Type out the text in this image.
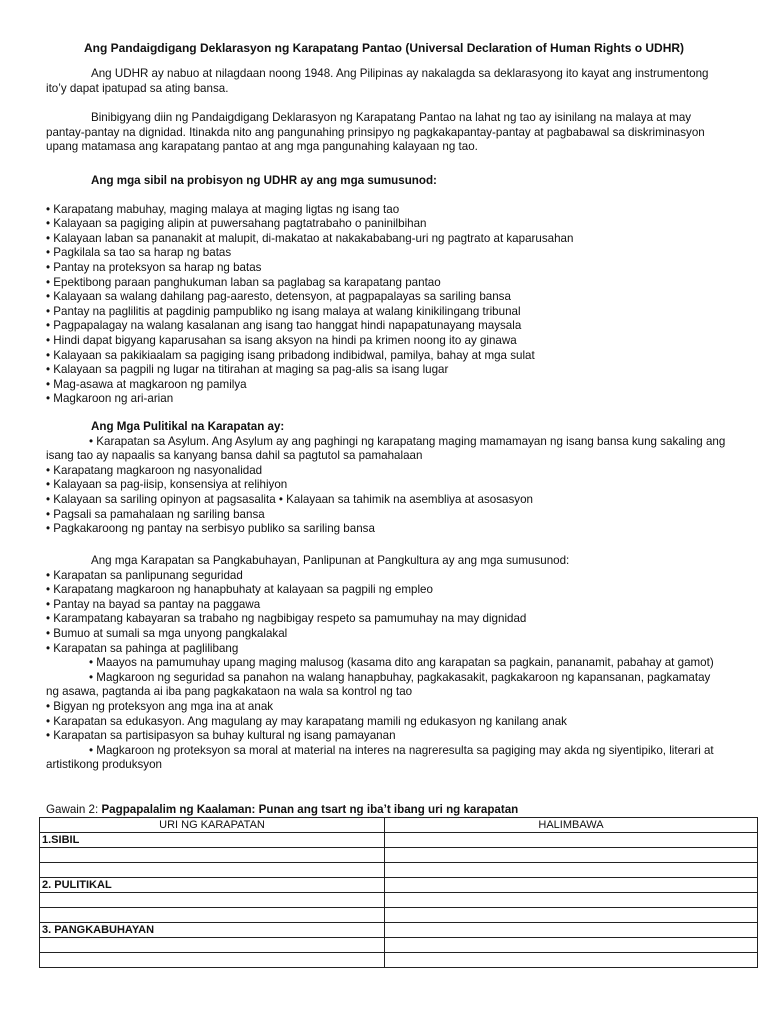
Ang Pandaigdigang Deklarasyon ng Karapatang Pantao (Universal Declaration of Human Rights o UDHR)
Ang UDHR ay nabuo at nilagdaan noong 1948. Ang Pilipinas ay nakalagda sa deklarasyong ito kayat ang instrumentong ito’y dapat ipatupad sa ating bansa.
Binibigyang diin ng Pandaigdigang Deklarasyon ng Karapatang Pantao na lahat ng tao ay isinilang na malaya at may pantay-pantay na dignidad. Itinakda nito ang pangunahing prinsipyo ng pagkakapantay-pantay at pagbabawal sa diskriminasyon upang matamasa ang karapatang pantao at ang mga pangunahing kalayaan ng tao.
Ang mga sibil na probisyon ng UDHR ay ang mga sumusunod:
• Karapatang mabuhay, maging malaya at maging ligtas ng isang tao
• Kalayaan sa pagiging alipin at puwersahang pagtatrabaho o paninilbihan
• Kalayaan laban sa pananakit at malupit, di-makatao at nakakababang-uri ng pagtrato at kaparusahan
• Pagkilala sa tao sa harap ng batas
• Pantay na proteksyon sa harap ng batas
• Epektibong paraan panghukuman laban sa paglabag sa karapatang pantao
• Kalayaan sa walang dahilang pag-aaresto, detensyon, at pagpapalayas sa sariling bansa
• Pantay na paglilitis at pagdinig pampubliko ng isang malaya at walang kinikilingang tribunal
• Pagpapalagay na walang kasalanan ang isang tao hanggat hindi napapatunayang maysala
• Hindi dapat bigyang kaparusahan sa isang aksyon na hindi pa krimen noong ito ay ginawa
• Kalayaan sa pakikiaalam sa pagiging isang pribadong indibidwal, pamilya, bahay at mga sulat
• Kalayaan sa pagpili ng lugar na titirahan at maging sa pag-alis sa isang lugar
• Mag-asawa at magkaroon ng pamilya
• Magkaroon ng ari-arian
Ang Mga Pulitikal na Karapatan ay:
• Karapatan sa Asylum. Ang Asylum ay ang paghingi ng karapatang maging mamamayan ng isang bansa kung sakaling ang isang tao ay napaalis sa kanyang bansa dahil sa pagtutol sa pamahalaan
• Karapatang magkaroon ng nasyonalidad
• Kalayaan sa pag-iisip, konsensiya at relihiyon
• Kalayaan sa sariling opinyon at pagsasalita • Kalayaan sa tahimik na asembliya at asosasyon
• Pagsali sa pamahalaan ng sariling bansa
• Pagkakaroong ng pantay na serbisyo publiko sa sariling bansa
Ang mga Karapatan sa Pangkabuhayan, Panlipunan at Pangkultura ay ang mga sumusunod:
• Karapatan sa panlipunang seguridad
• Karapatang magkaroon ng hanapbuhaty at kalayaan sa pagpili ng empleo
• Pantay na bayad sa pantay na paggawa
• Karampatang kabayaran sa trabaho ng nagbibigay respeto sa pamumuhay na may dignidad
• Bumuo at sumali sa mga unyong pangkalakal
• Karapatan sa pahinga at paglilibang
• Maayos na pamumuhay upang maging malusog (kasama dito ang karapatan sa pagkain, pananamit, pabahay at gamot)
• Magkaroon ng seguridad sa panahon na walang hanapbuhay, pagkakasakit, pagkakaroon ng kapansanan, pagkamatay ng asawa, pagtanda ai iba pang pagkakataon na wala sa kontrol ng tao
• Bigyan ng proteksyon ang mga ina at anak
• Karapatan sa edukasyon. Ang magulang ay may karapatang mamili ng edukasyon ng kanilang anak
• Karapatan sa partisipasyon sa buhay kultural ng isang pamayanan
• Magkaroon ng proteksyon sa moral at material na interes na nagreresulta sa pagiging may akda ng siyentipiko, literari at artistikong produksyon
Gawain 2: Pagpapalalim ng Kaalaman: Punan ang tsart ng iba’t ibang uri ng karapatan
URI NG KARAPATAN	HALIMBAWA
1.SIBIL	

2. PULITIKAL	

3. PANGKABUHAYAN	
